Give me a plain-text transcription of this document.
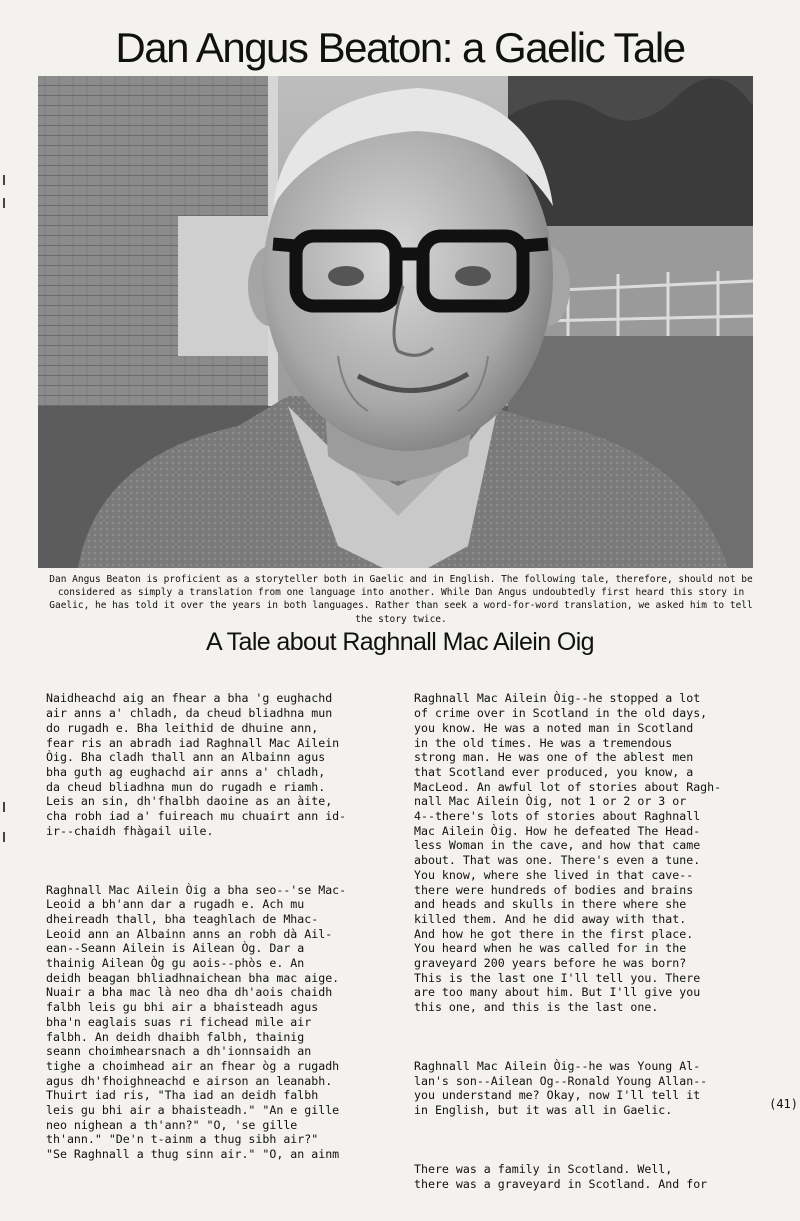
Dan Angus Beaton: a Gaelic Tale

Dan Angus Beaton is proficient as a storyteller both in Gaelic and in English. The following tale, therefore, should not be considered as simply a translation from one language into another. While Dan Angus undoubtedly first heard this story in Gaelic, he has told it over the years in both languages. Rather than seek a word-for-word translation, we asked him to tell the story twice.

A Tale about Raghnall Mac Ailein Oig

Naidheachd aig an fhear a bha 'g eughachd
air anns a' chladh, da cheud bliadhna mun
do rugadh e. Bha leithid de dhuine ann,
fear ris an abradh iad Raghnall Mac Ailein
Òig. Bha cladh thall ann an Albainn agus
bha guth ag eughachd air anns a' chladh,
da cheud bliadhna mun do rugadh e riamh.
Leis an sin, dh'fhalbh daoine as an àite,
cha robh iad a' fuireach mu chuairt ann id-
ir--chaidh fhàgail uile.

Raghnall Mac Ailein Òig a bha seo--'se Mac-
Leoid a bh'ann dar a rugadh e. Ach mu
dheireadh thall, bha teaghlach de Mhac-
Leoid ann an Albainn anns an robh dà Ail-
ean--Seann Ailein is Ailean Òg. Dar a
thainig Ailean Òg gu aois--phòs e. An
deidh beagan bhliadhnaichean bha mac aige.
Nuair a bha mac là neo dha dh'aois chaidh
falbh leis gu bhi air a bhaisteadh agus
bha'n eaglais suas ri fichead mìle air
falbh. An deidh dhaibh falbh, thainig
seann choimhearsnach a dh'ionnsaidh an
tighe a choimhead air an fhear òg a rugadh
agus dh'fhoighneachd e airson an leanabh.
Thuirt iad ris, "Tha iad an deidh falbh
leis gu bhi air a bhaisteadh." "An e gille
neo nighean a th'ann?" "O, 'se gille
th'ann." "De'n t-ainm a thug sibh air?"
"Se Raghnall a thug sinn air." "O, an ainm

Raghnall Mac Ailein Òig--he stopped a lot
of crime over in Scotland in the old days,
you know. He was a noted man in Scotland
in the old times. He was a tremendous
strong man. He was one of the ablest men
that Scotland ever produced, you know, a
MacLeod. An awful lot of stories about Ragh-
nall Mac Ailein Òig, not 1 or 2 or 3 or
4--there's lots of stories about Raghnall
Mac Ailein Òig. How he defeated The Head-
less Woman in the cave, and how that came
about. That was one. There's even a tune.
You know, where she lived in that cave--
there were hundreds of bodies and brains
and heads and skulls in there where she
killed them. And he did away with that.
And how he got there in the first place.
You heard when he was called for in the
graveyard 200 years before he was born?
This is the last one I'll tell you. There
are too many about him. But I'll give you
this one, and this is the last one.

Raghnall Mac Ailein Òig--he was Young Al-
lan's son--Ailean Og--Ronald Young Allan--
you understand me? Okay, now I'll tell it
in English, but it was all in Gaelic.

There was a family in Scotland. Well,
there was a graveyard in Scotland. And for

(41)
